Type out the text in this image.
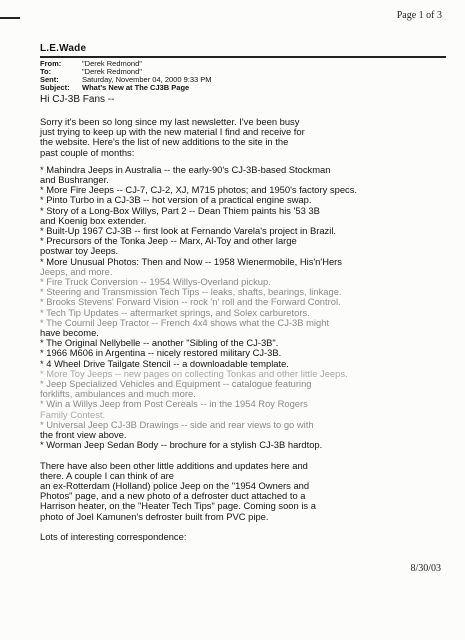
Page 1 of 3
L.E.Wade
From:	"Derek Redmond"
To:	"Derek Redmond"
Sent:	Saturday, November 04, 2000 9:33 PM
Subject:	What's New at The CJ3B Page
Hi CJ-3B Fans --
Sorry it's been so long since my last newsletter. I've been busy
just trying to keep up with the new material I find and receive for
the website. Here's the list of new additions to the site in the
past couple of months:
* Mahindra Jeeps in Australia -- the early-90's CJ-3B-based Stockman
and Bushranger.
* More Fire Jeeps -- CJ-7, CJ-2, XJ, M715 photos; and 1950's factory specs.
* Pinto Turbo in a CJ-3B -- hot version of a practical engine swap.
* Story of a Long-Box Willys, Part 2 -- Dean Thiem paints his '53 3B
and Koenig box extender.
* Built-Up 1967 CJ-3B -- first look at Fernando Varela's project in Brazil.
* Precursors of the Tonka Jeep -- Marx, Al-Toy and other large
postwar toy Jeeps.
* More Unusual Photos: Then and Now -- 1958 Wienermobile, His'n'Hers
Jeeps, and more.
* Fire Truck Conversion -- 1954 Willys-Overland pickup.
* Steering and Transmission Tech Tips -- leaks, shafts, bearings, linkage.
* Brooks Stevens' Forward Vision -- rock 'n' roll and the Forward Control.
* Tech Tip Updates -- aftermarket springs, and Solex carburetors.
* The Cournil Jeep Tractor -- French 4x4 shows what the CJ-3B might
have become.
* The Original Nellybelle -- another "Sibling of the CJ-3B".
* 1966 M606 in Argentina -- nicely restored military CJ-3B.
* 4 Wheel Drive Tailgate Stencil -- a downloadable template.
* More Toy Jeeps -- new pages on collecting Tonkas and other little Jeeps.
* Jeep Specialized Vehicles and Equipment -- catalogue featuring
forklifts, ambulances and much more.
* Win a Willys Jeep from Post Cereals -- in the 1954 Roy Rogers
Family Contest.
* Universal Jeep CJ-3B Drawings -- side and rear views to go with
the front view above.
* Worman Jeep Sedan Body -- brochure for a stylish CJ-3B hardtop.
There have also been other little additions and updates here and
there. A couple I can think of are
an ex-Rotterdam (Holland) police Jeep on the "1954 Owners and
Photos" page, and a new photo of a defroster duct attached to a
Harrison heater, on the "Heater Tech Tips" page. Coming soon is a
photo of Joel Kamunen's defroster built from PVC pipe.
Lots of interesting correspondence:
8/30/03
